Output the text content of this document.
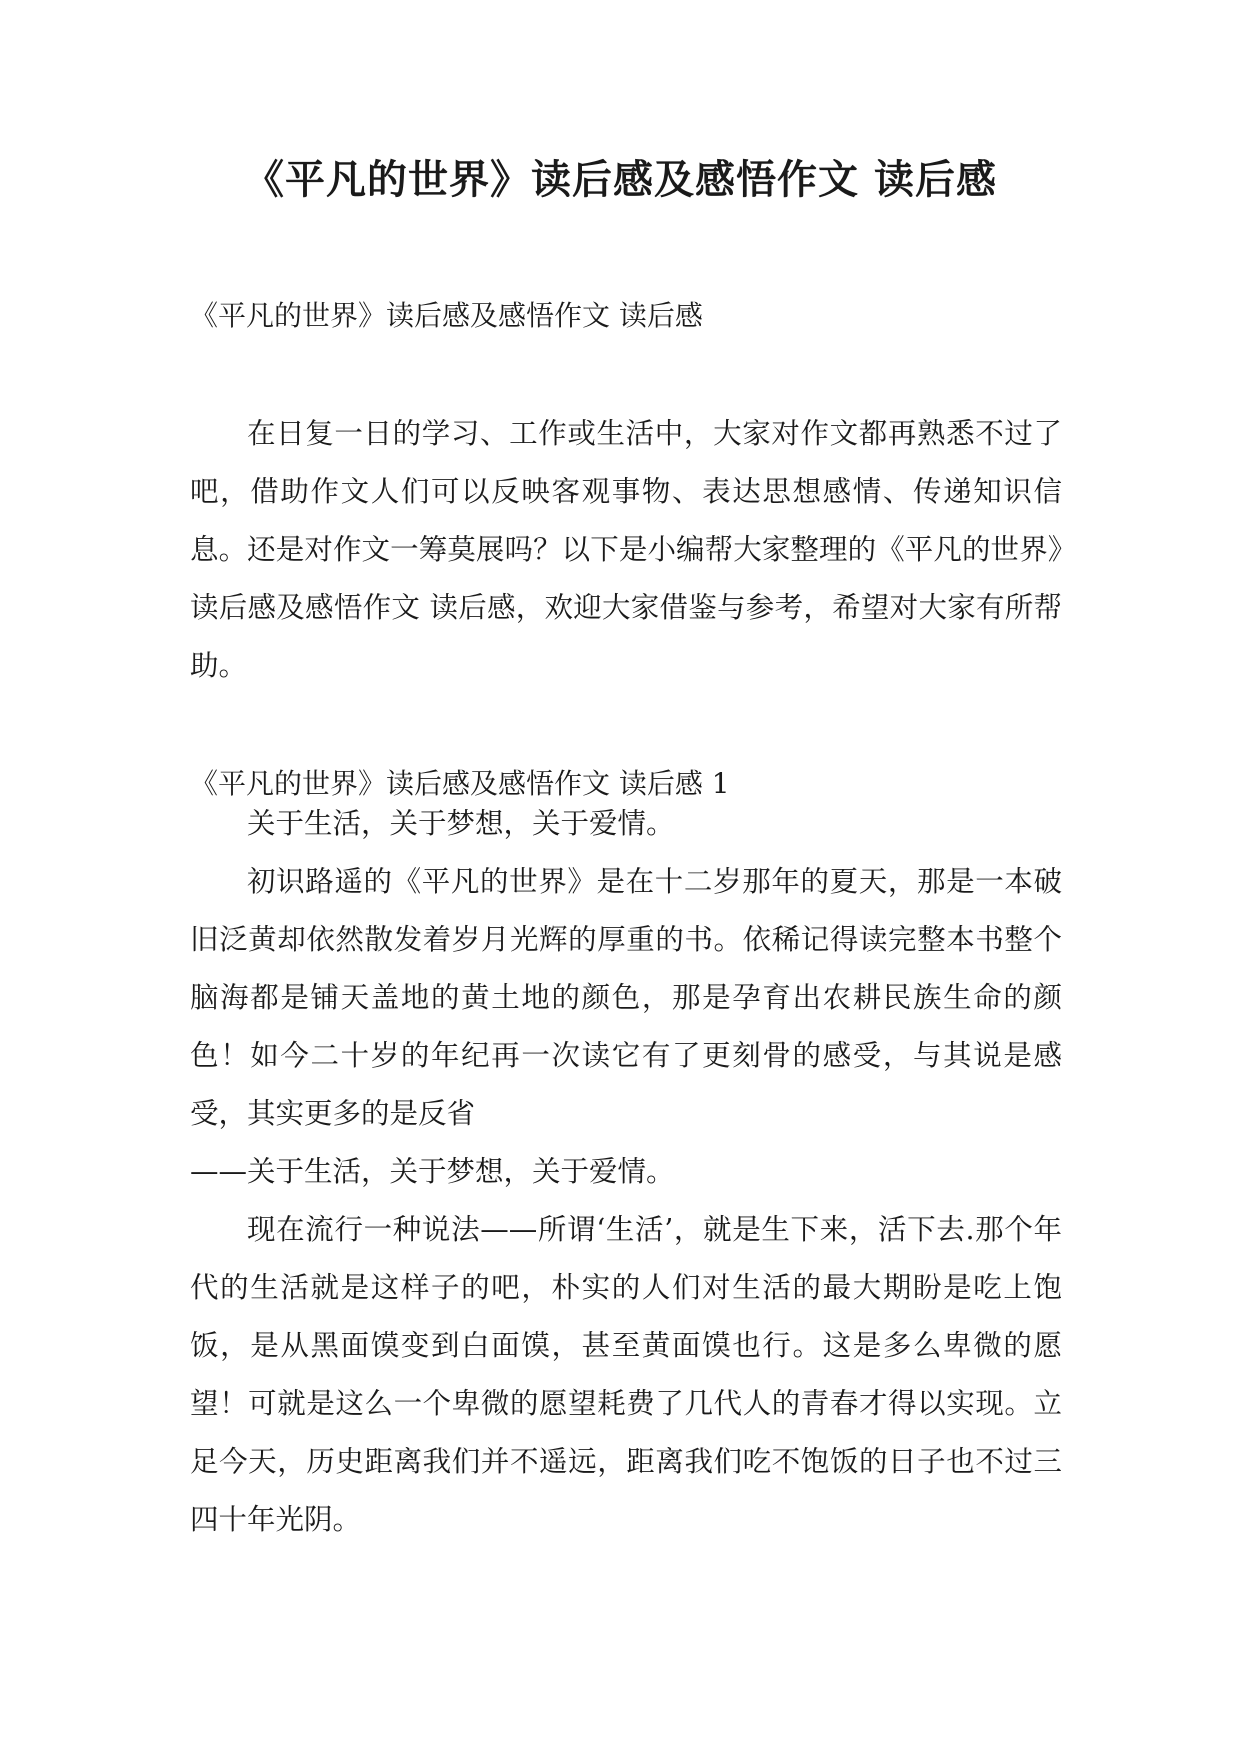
《平凡的世界》读后感及感悟作文 读后感

《平凡的世界》读后感及感悟作文 读后感

在日复一日的学习、工作或生活中，大家对作文都再熟悉不过了吧，借助作文人们可以反映客观事物、表达思想感情、传递知识信息。还是对作文一筹莫展吗？以下是小编帮大家整理的《平凡的世界》读后感及感悟作文 读后感，欢迎大家借鉴与参考，希望对大家有所帮助。

《平凡的世界》读后感及感悟作文 读后感 1

关于生活，关于梦想，关于爱情。

初识路遥的《平凡的世界》是在十二岁那年的夏天，那是一本破旧泛黄却依然散发着岁月光辉的厚重的书。依稀记得读完整本书整个脑海都是铺天盖地的黄土地的颜色，那是孕育出农耕民族生命的颜色！如今二十岁的年纪再一次读它有了更刻骨的感受，与其说是感受，其实更多的是反省

——关于生活，关于梦想，关于爱情。

现在流行一种说法——所谓‘生活’，就是生下来，活下去.那个年代的生活就是这样子的吧，朴实的人们对生活的最大期盼是吃上饱饭，是从黑面馍变到白面馍，甚至黄面馍也行。这是多么卑微的愿望！可就是这么一个卑微的愿望耗费了几代人的青春才得以实现。立足今天，历史距离我们并不遥远，距离我们吃不饱饭的日子也不过三四十年光阴。
